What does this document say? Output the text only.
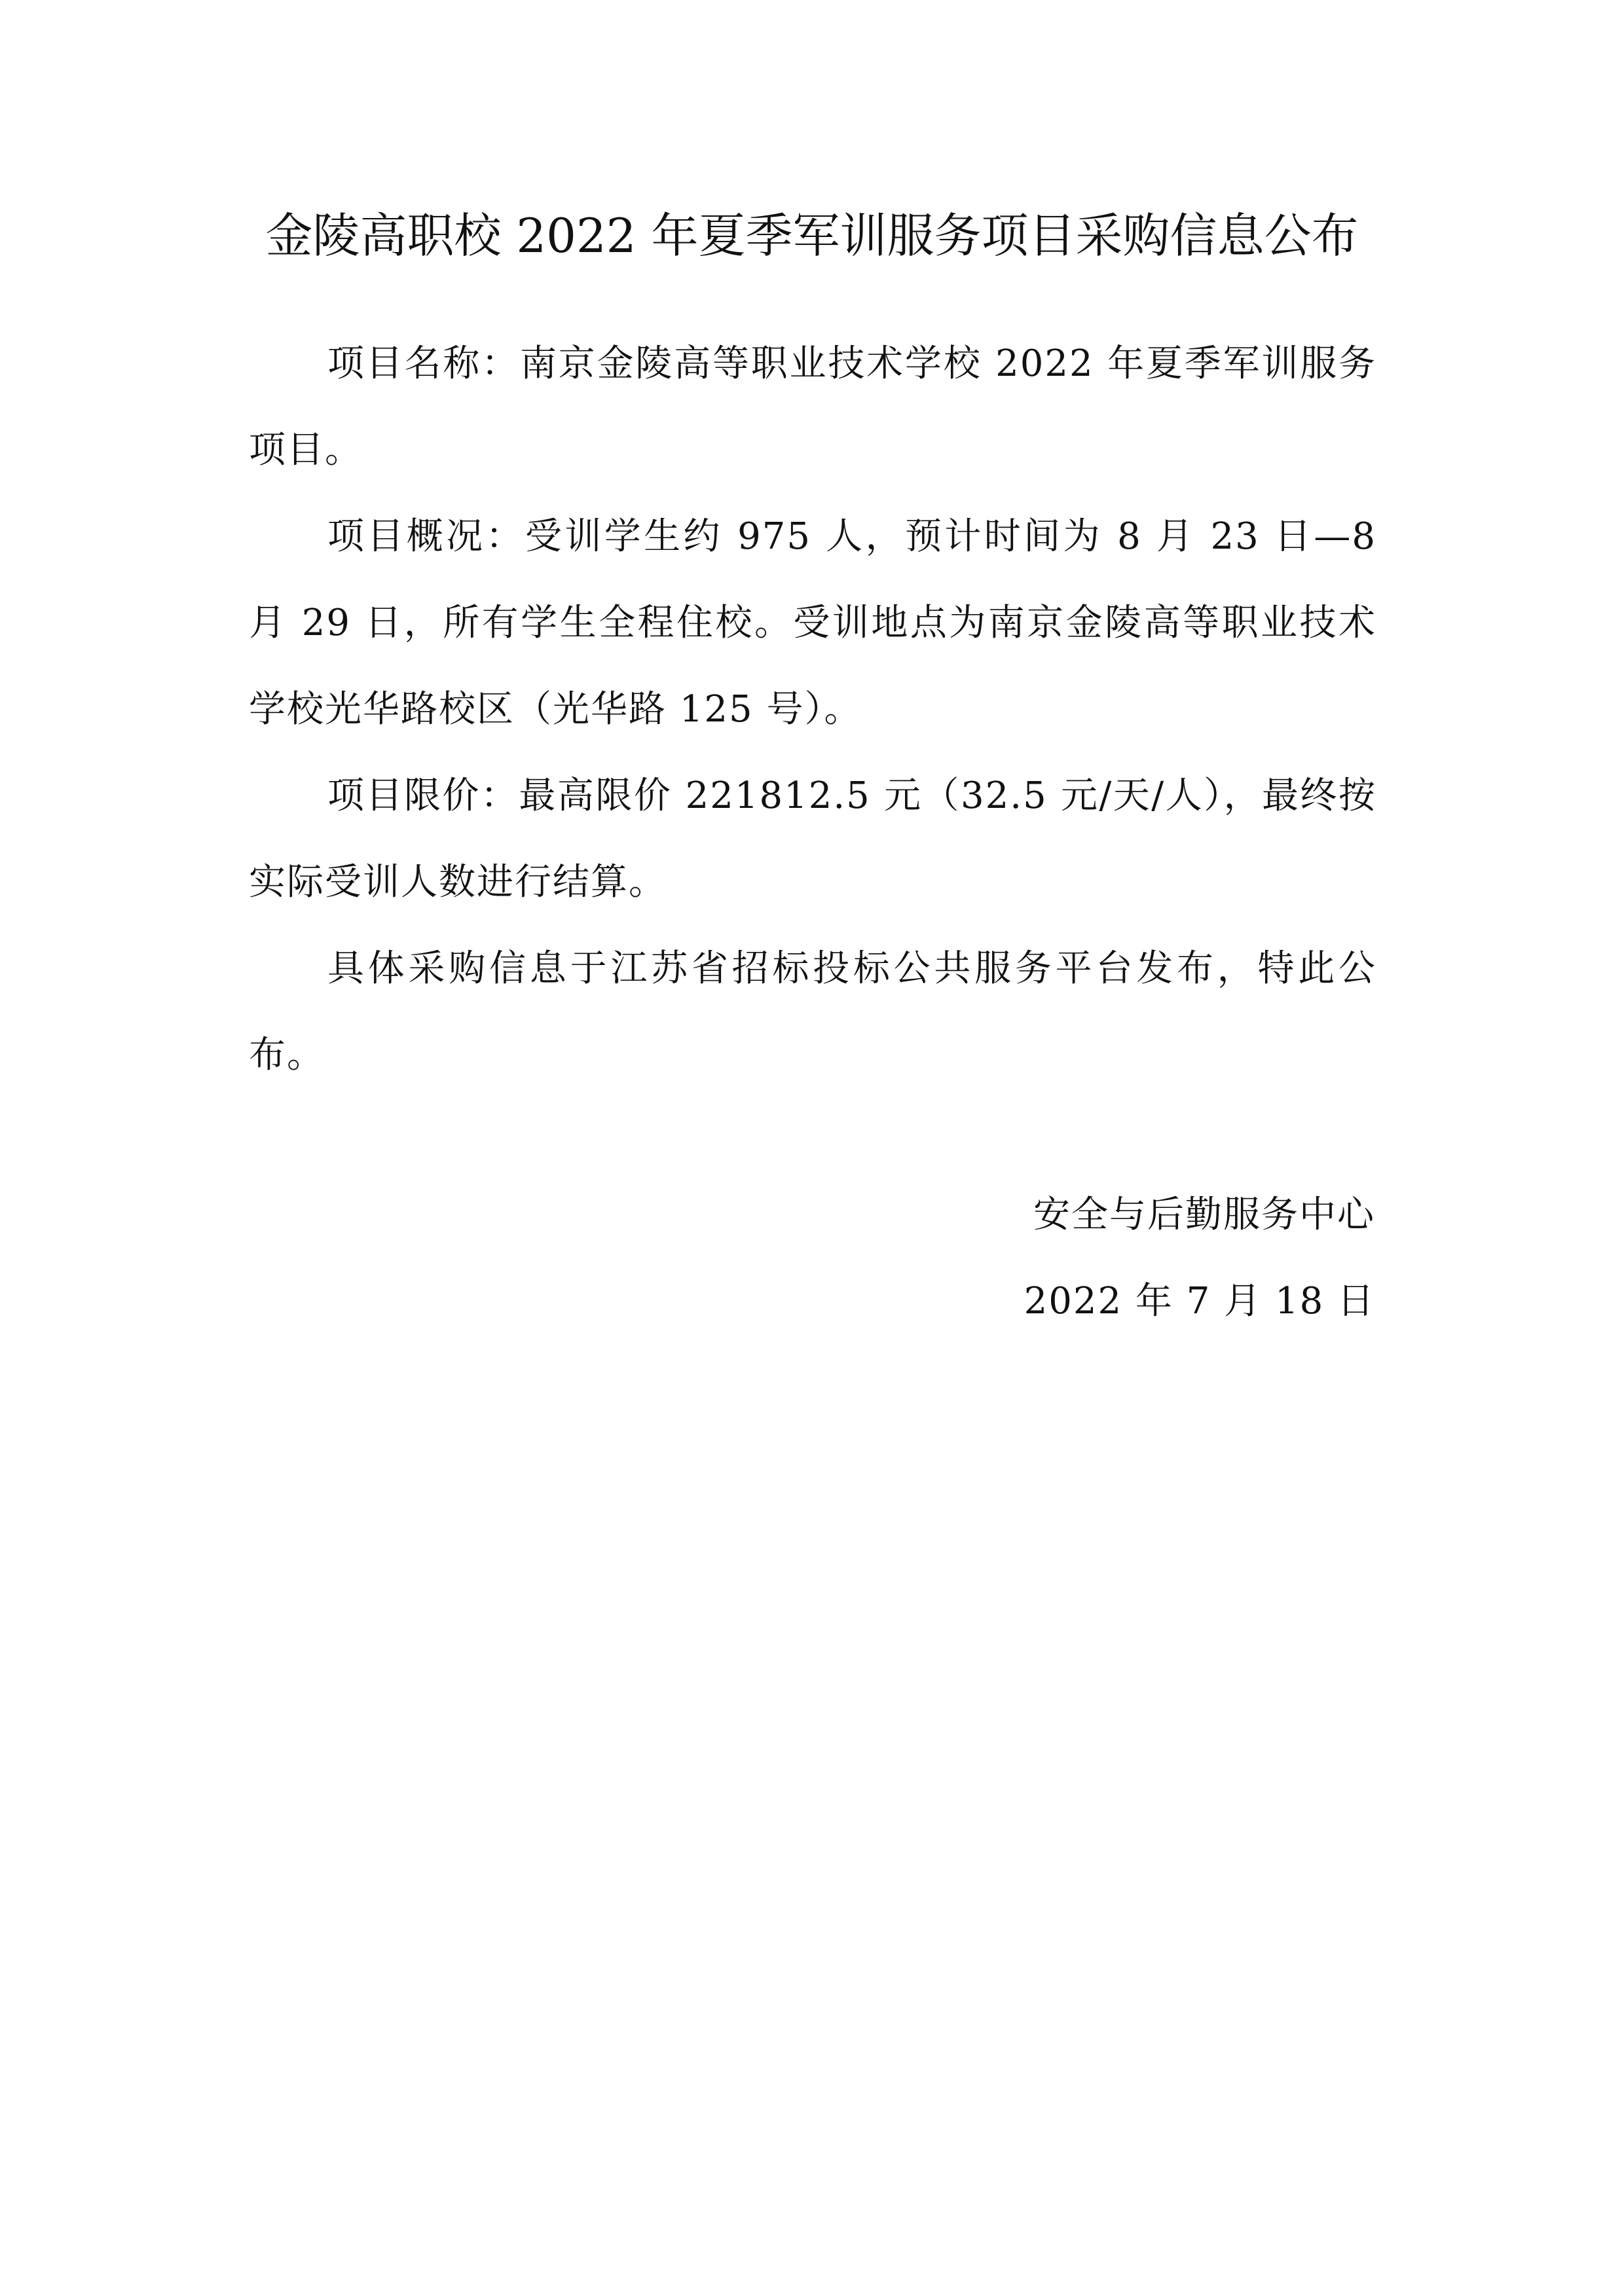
金陵高职校 2022 年夏季军训服务项目采购信息公布

项目名称：南京金陵高等职业技术学校 2022 年夏季军训服务项目。

项目概况：受训学生约 975 人，预计时间为 8 月 23 日—8 月 29 日，所有学生全程住校。受训地点为南京金陵高等职业技术学校光华路校区（光华路 125 号）。

项目限价：最高限价 221812.5 元（32.5 元/天/人），最终按实际受训人数进行结算。

具体采购信息于江苏省招标投标公共服务平台发布，特此公布。

安全与后勤服务中心
2022 年 7 月 18 日
